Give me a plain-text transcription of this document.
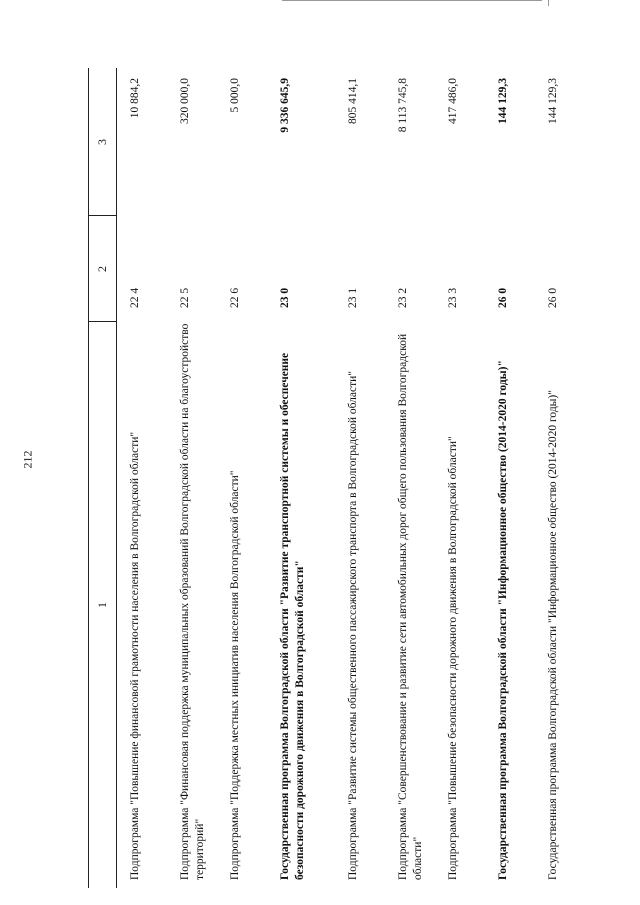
212
1
2
3
Подпрограмма "Повышение финансовой грамотности населения в Волгоградской области"
22 4
10 884,2
Подпрограмма "Финансовая поддержка муниципальных образований Волгоградской области на благоустройство территорий"
22 5
320 000,0
Подпрограмма "Поддержка местных инициатив населения Волгоградской области"
22 6
5 000,0
Государственная программа Волгоградской области "Развитие транспортной системы и обеспечение безопасности дорожного движения в Волгоградской области"
23 0
9 336 645,9
Подпрограмма "Развитие системы общественного пассажирского транспорта в Волгоградской области"
23 1
805 414,1
Подпрограмма "Совершенствование и развитие сети автомобильных дорог общего пользования Волгоградской области"
23 2
8 113 745,8
Подпрограмма "Повышение безопасности дорожного движения в Волгоградской области"
23 3
417 486,0
Государственная программа Волгоградской области "Информационное общество (2014-2020 годы)"
26 0
144 129,3
Государственная программа Волгоградской области "Информационное общество (2014-2020 годы)"
26 0
144 129,3
